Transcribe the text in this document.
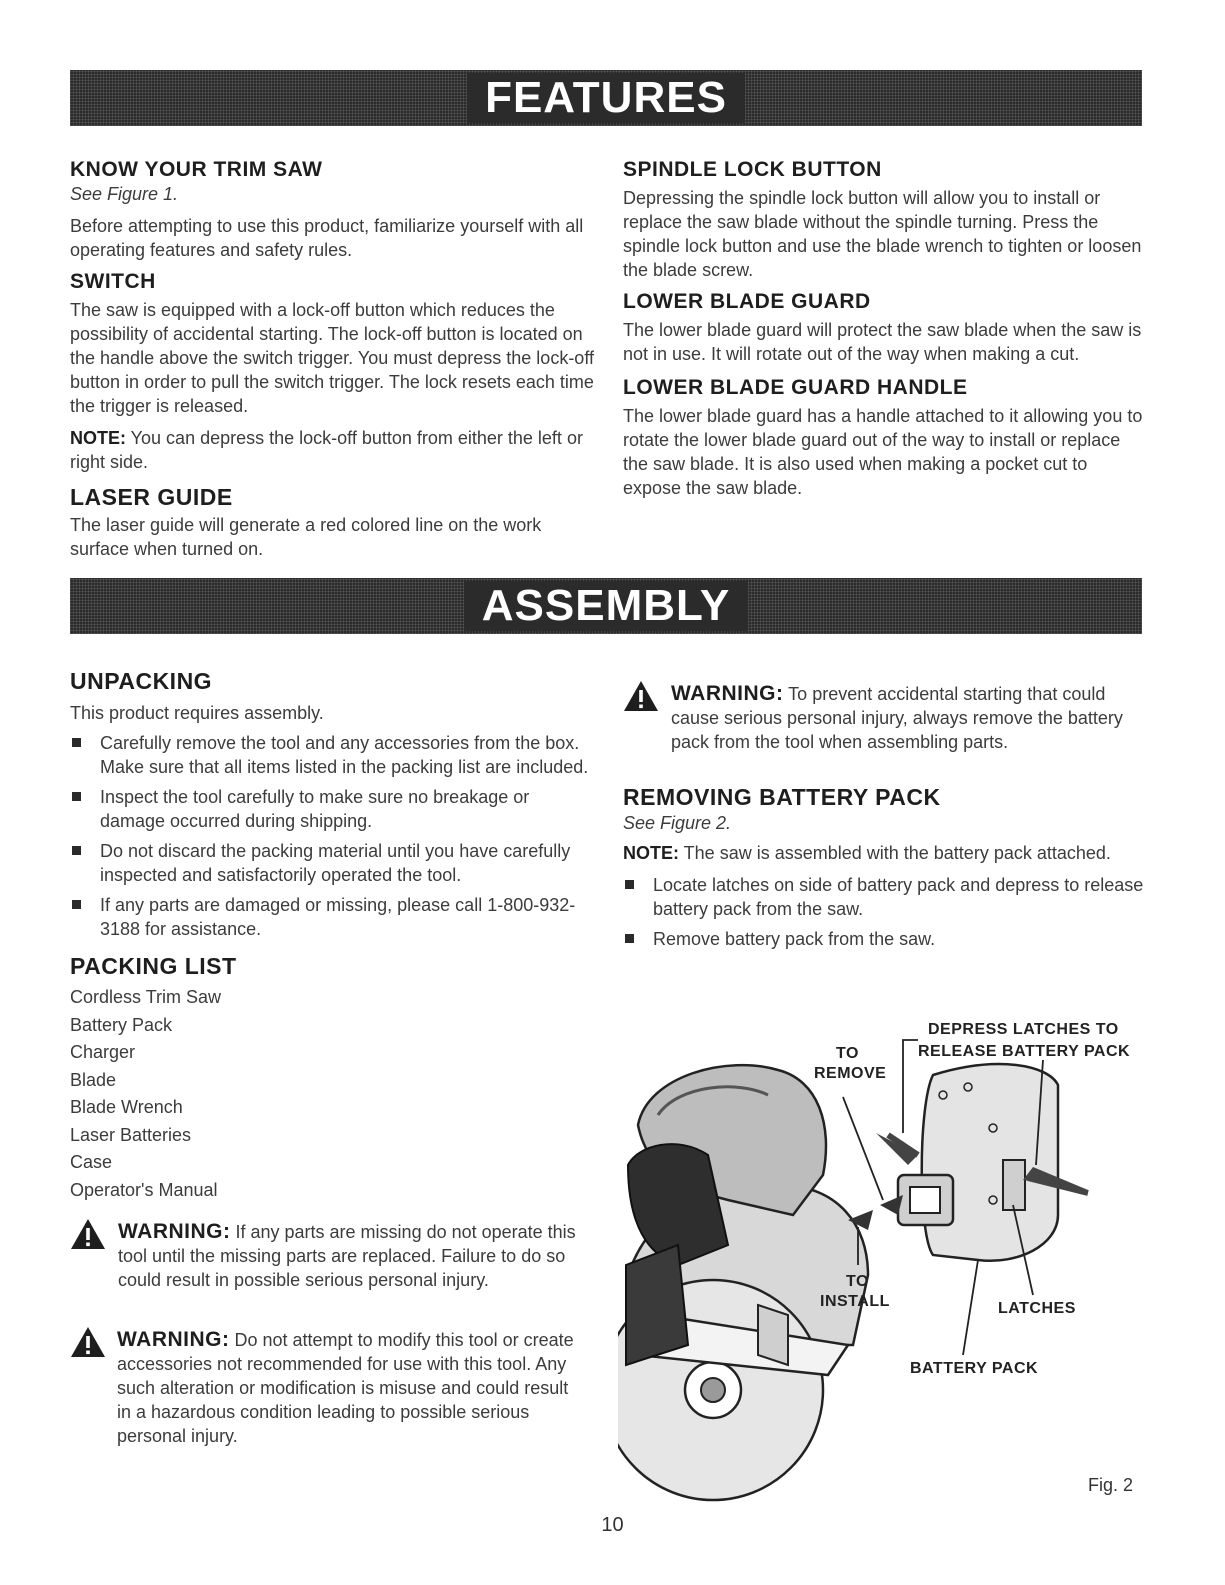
FEATURES
KNOW YOUR TRIM SAW

See Figure 1.

Before attempting to use this product, familiarize yourself with all operating features and safety rules.

SWITCH

The saw is equipped with a lock-off button which reduces the possibility of accidental starting. The lock-off button is located on the handle above the switch trigger. You must depress the lock-off button in order to pull the switch trigger. The lock resets each time the trigger is released.

NOTE: You can depress the lock-off button from either the left or right side.

LASER GUIDE

The laser guide will generate a red colored line on the work surface when turned on.

SPINDLE LOCK BUTTON

Depressing the spindle lock button will allow you to install or replace the saw blade without the spindle turning. Press the spindle lock button and use the blade wrench to tighten or loosen the blade screw.

LOWER BLADE GUARD

The lower blade guard will protect the saw blade when the saw is not in use. It will rotate out of the way when making a cut.

LOWER BLADE GUARD HANDLE

The lower blade guard has a handle attached to it allowing you to rotate the lower blade guard out of the way to install or replace the saw blade. It is also used when making a pocket cut to expose the saw blade.

ASSEMBLY
UNPACKING

This product requires assembly.

Carefully remove the tool and any accessories from the box. Make sure that all items listed in the packing list are included.
Inspect the tool carefully to make sure no breakage or damage occurred during shipping.
Do not discard the packing material until you have carefully inspected and satisfactorily operated the tool.
If any parts are damaged or missing, please call 1-800-932-3188 for assistance.
PACKING LIST
Cordless Trim Saw
Battery Pack
Charger
Blade
Blade Wrench
Laser Batteries
Case
Operator's Manual
WARNING: If any parts are missing do not operate this tool until the missing parts are replaced. Failure to do so could result in possible serious personal injury.
WARNING: Do not attempt to modify this tool or create accessories not recommended for use with this tool. Any such alteration or modification is misuse and could result in a hazardous condition leading to possible serious personal injury.
WARNING: To prevent accidental starting that could cause serious personal injury, always remove the battery pack from the tool when assembling parts.
REMOVING BATTERY PACK

See Figure 2.

NOTE: The saw is assembled with the battery pack attached.

Locate latches on side of battery pack and depress to release battery pack from the saw.
Remove battery pack from the saw.
DEPRESS LATCHES TO
RELEASE BATTERY PACK
TO
REMOVE
TO
INSTALL	LATCHES
BATTERY PACK
Fig. 2
10
